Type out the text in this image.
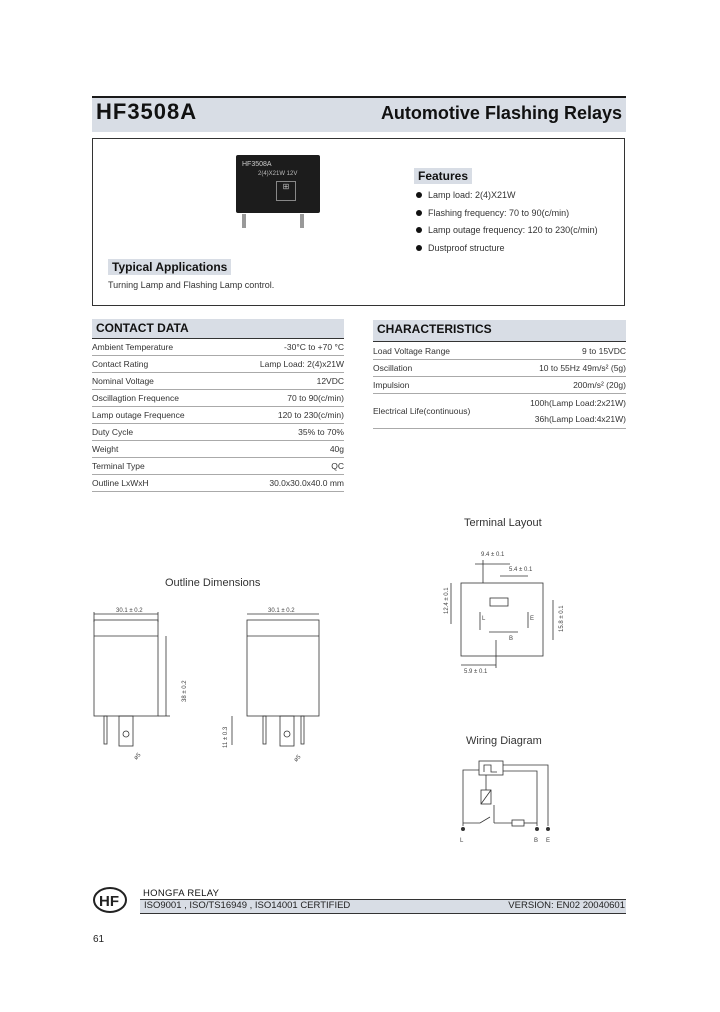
HF3508A	Automotive Flashing Relays
HF3508A
2(4)X21W 12V
⊞
Features
Lamp load: 2(4)X21W
Flashing frequency: 70 to 90(c/min)
Lamp outage frequency: 120 to 230(c/min)
Dustproof structure
Typical Applications
Turning Lamp and Flashing Lamp control.
CONTACT DATA
Ambient Temperature	-30°C to +70 °C
Contact Rating	Lamp Load: 2(4)x21W
Nominal Voltage	12VDC
Oscillagtion Frequence	70 to 90(c/min)
Lamp outage Frequence	120 to 230(c/min)
Duty Cycle	35% to 70%
Weight	40g
Terminal Type	QC
Outline LxWxH	30.0x30.0x40.0 mm
CHARACTERISTICS
Load Voltage Range	9 to 15VDC
Oscillation	10 to 55Hz 49m/s² (5g)
Impulsion	200m/s² (20g)
Electrical Life(continuous)	100h(Lamp Load:2x21W)
36h(Lamp Load:4x21W)
Terminal Layout
Outline Dimensions
Wiring Diagram
30.1 ± 0.2	30.1 ± 0.2
38 ± 0.2
11 ± 0.3
ø5	ø5
9.4 ± 0.1
5.4 ± 0.1
12.4 ± 0.1
15.8 ± 0.1
5.9 ± 0.1
L
B
E
L	B E
HF	HONGFA RELAY
ISO9001 , ISO/TS16949 , ISO14001 CERTIFIED	VERSION: EN02 20040601
61
